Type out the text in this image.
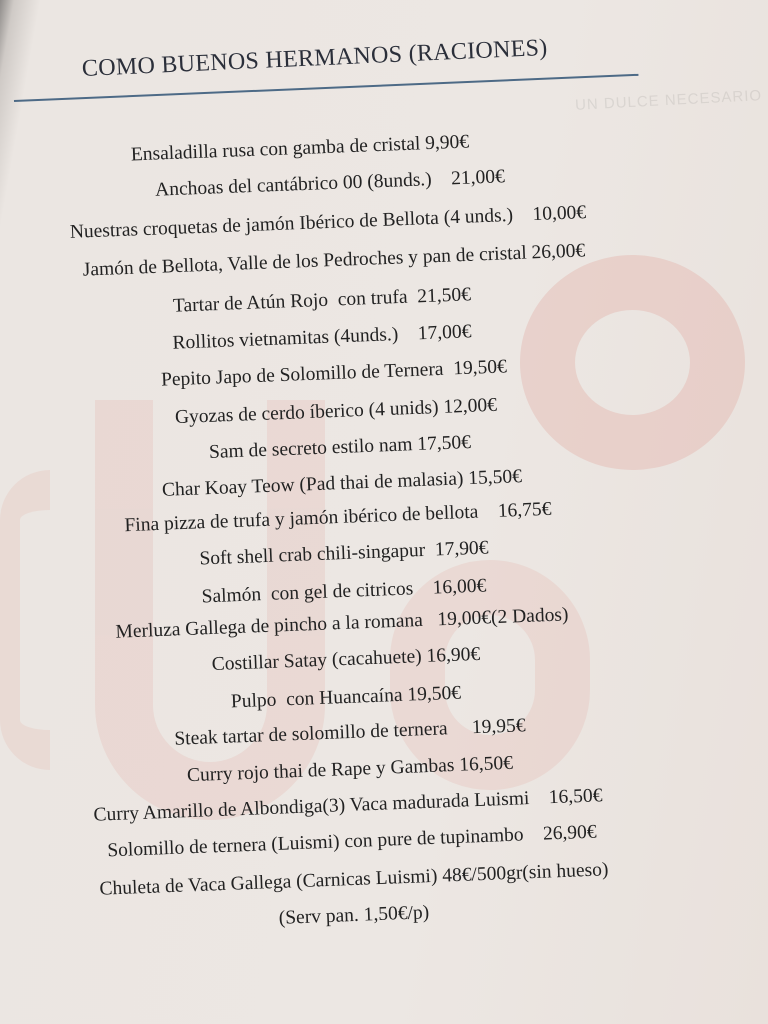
UN DULCE NECESARIO
COMO BUENOS HERMANOS (RACIONES)
Ensaladilla rusa con gamba de cristal 9,90€
Anchoas del cantábrico 00 (8unds.)    21,00€
Nuestras croquetas de jamón Ibérico de Bellota (4 unds.)    10,00€
Jamón de Bellota, Valle de los Pedroches y pan de cristal 26,00€
Tartar de Atún Rojo  con trufa  21,50€
Rollitos vietnamitas (4unds.)    17,00€
Pepito Japo de Solomillo de Ternera  19,50€
Gyozas de cerdo íberico (4 unids) 12,00€
Sam de secreto estilo nam 17,50€
Char Koay Teow (Pad thai de malasia) 15,50€
Fina pizza de trufa y jamón ibérico de bellota    16,75€
Soft shell crab chili-singapur  17,90€
Salmón  con gel de citricos    16,00€
Merluza Gallega de pincho a la romana   19,00€(2 Dados)
Costillar Satay (cacahuete) 16,90€
Pulpo  con Huancaína 19,50€
Steak tartar de solomillo de ternera     19,95€
Curry rojo thai de Rape y Gambas 16,50€
Curry Amarillo de Albondiga(3) Vaca madurada Luismi    16,50€
Solomillo de ternera (Luismi) con pure de tupinambo    26,90€
Chuleta de Vaca Gallega (Carnicas Luismi) 48€/500gr(sin hueso)
(Serv pan. 1,50€/p)
